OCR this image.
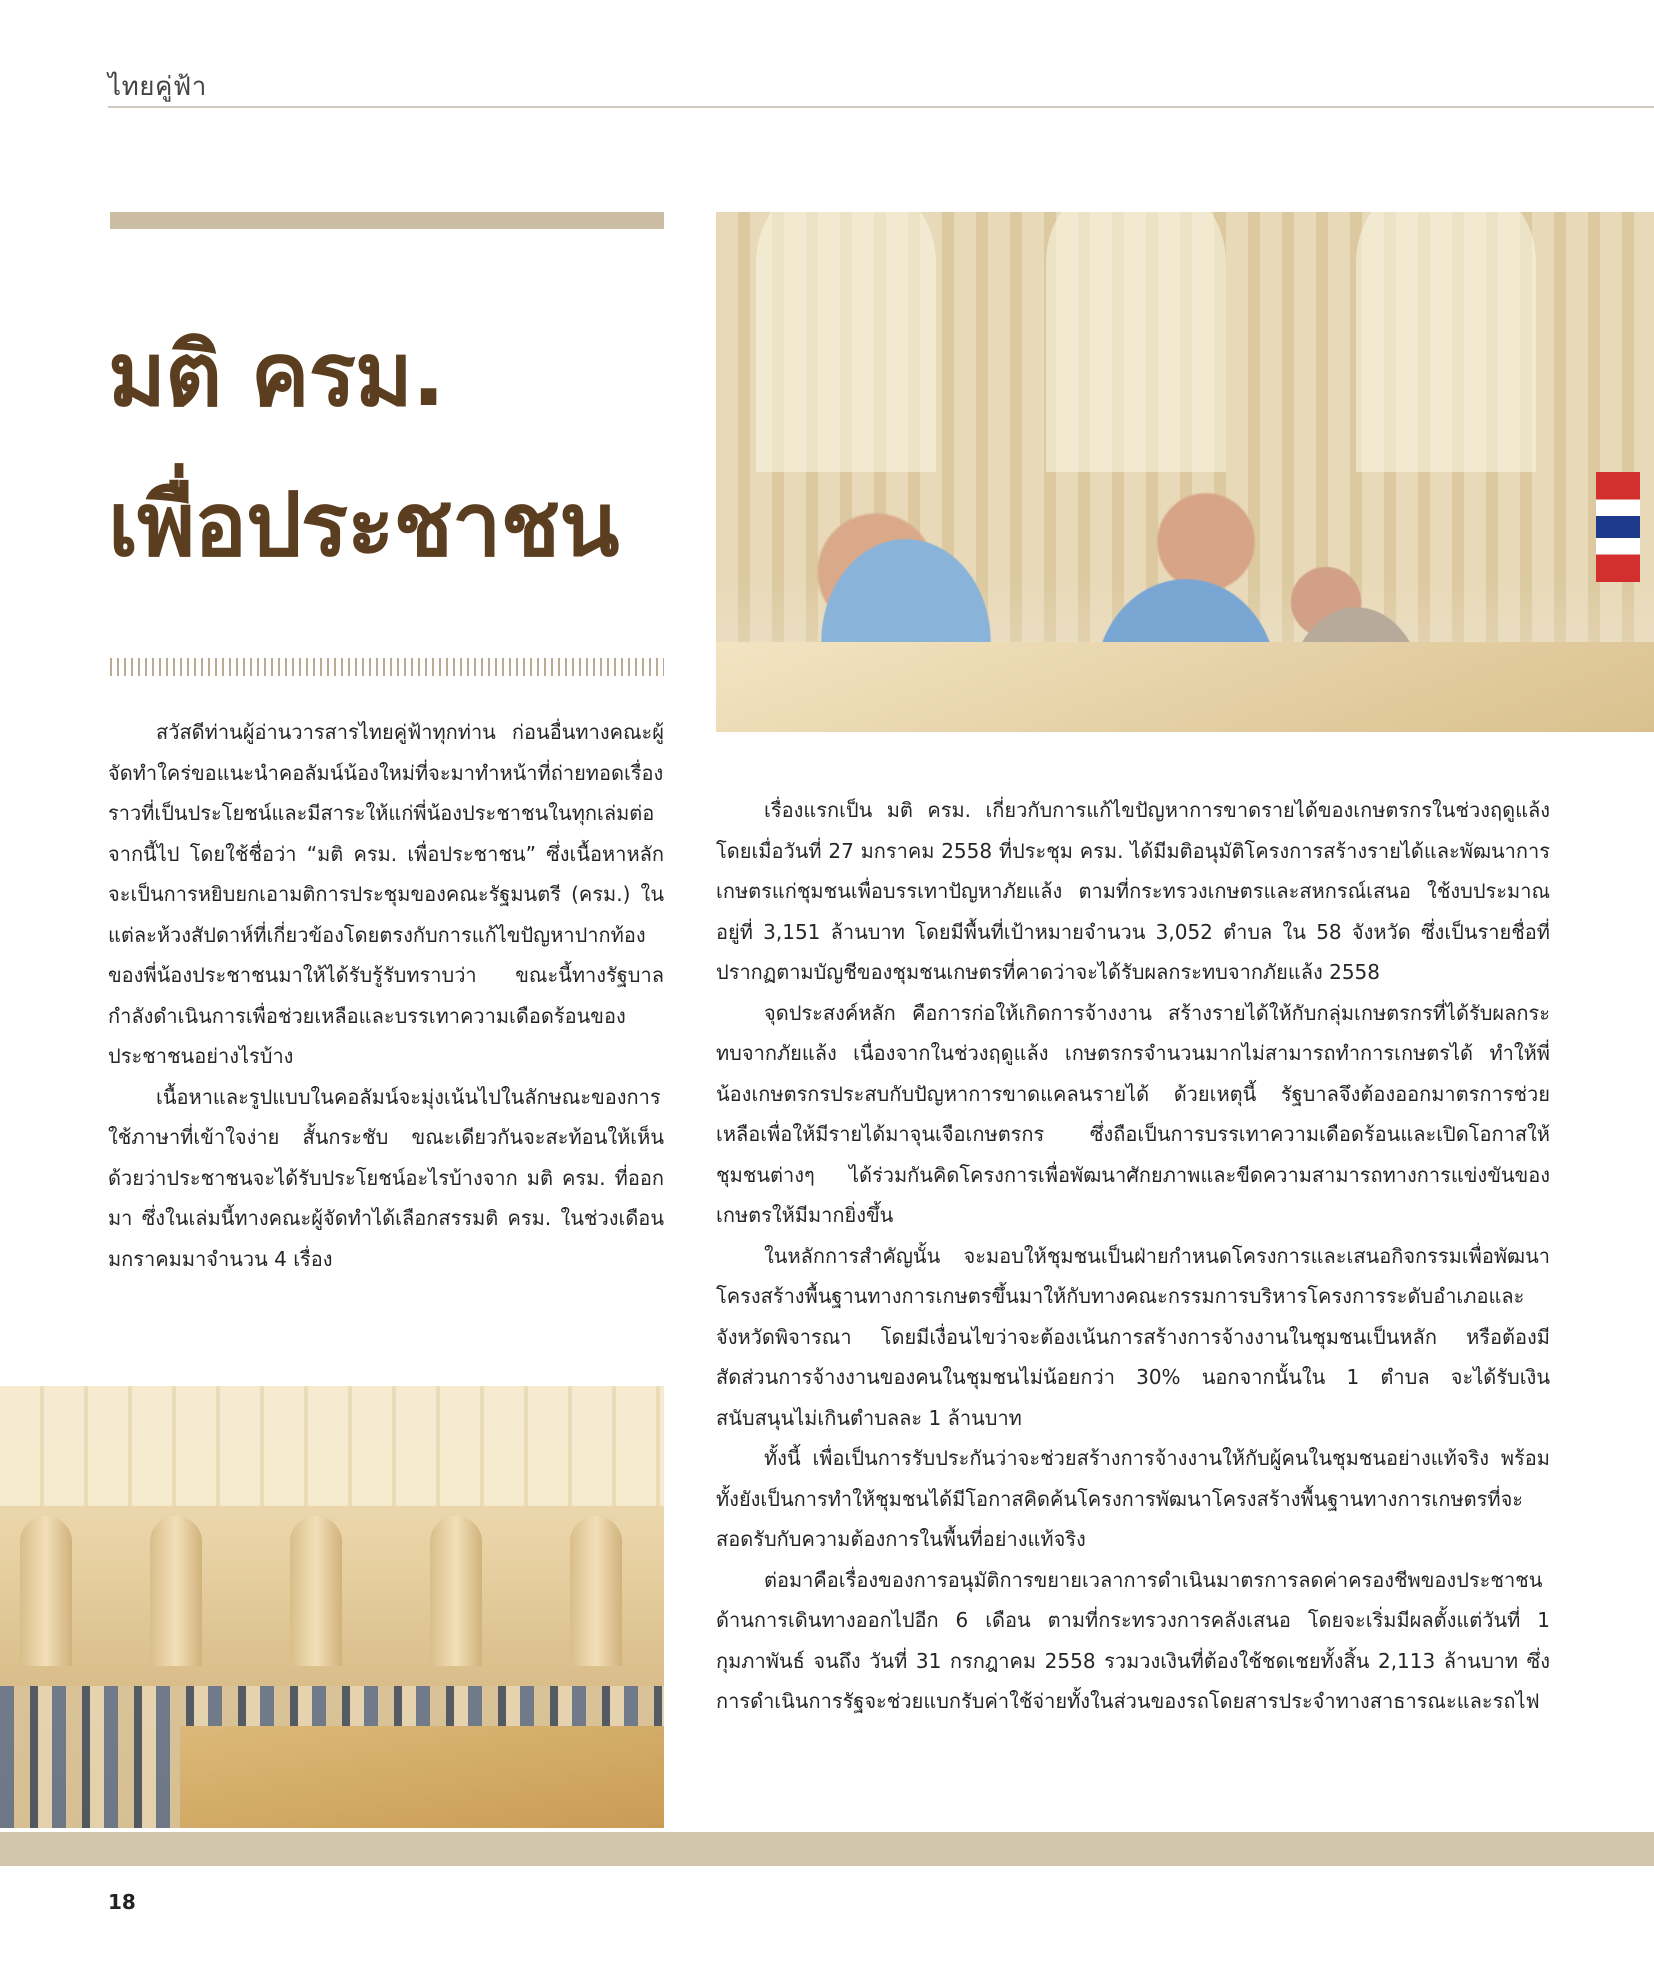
ไทยคู่ฟ้า
มติ ครม.
เพื่อประชาชน

สวัสดีท่านผู้อ่านวารสารไทยคู่ฟ้าทุกท่าน ก่อนอื่นทางคณะผู้จัดทำใคร่ขอแนะนำคอลัมน์น้องใหม่ที่จะมาทำหน้าที่ถ่ายทอดเรื่องราวที่เป็นประโยชน์และมีสาระให้แก่พี่น้องประชาชนในทุกเล่มต่อจากนี้ไป โดยใช้ชื่อว่า “มติ ครม. เพื่อประชาชน” ซึ่งเนื้อหาหลักจะเป็นการหยิบยกเอามติการประชุมของคณะรัฐมนตรี (ครม.) ในแต่ละห้วงสัปดาห์ที่เกี่ยวข้องโดยตรงกับการแก้ไขปัญหาปากท้องของพี่น้องประชาชนมาให้ได้รับรู้รับทราบว่า ขณะนี้ทางรัฐบาลกำลังดำเนินการเพื่อช่วยเหลือและบรรเทาความเดือดร้อนของประชาชนอย่างไรบ้าง

เนื้อหาและรูปแบบในคอลัมน์จะมุ่งเน้นไปในลักษณะของการใช้ภาษาที่เข้าใจง่าย สั้นกระชับ ขณะเดียวกันจะสะท้อนให้เห็นด้วยว่าประชาชนจะได้รับประโยชน์อะไรบ้างจาก มติ ครม. ที่ออกมา ซึ่งในเล่มนี้ทางคณะผู้จัดทำได้เลือกสรรมติ ครม. ในช่วงเดือนมกราคมมาจำนวน 4 เรื่อง

เรื่องแรกเป็น มติ ครม. เกี่ยวกับการแก้ไขปัญหาการขาดรายได้ของเกษตรกรในช่วงฤดูแล้ง โดยเมื่อวันที่ 27 มกราคม 2558 ที่ประชุม ครม. ได้มีมติอนุมัติโครงการสร้างรายได้และพัฒนาการเกษตรแก่ชุมชนเพื่อบรรเทาปัญหาภัยแล้ง ตามที่กระทรวงเกษตรและสหกรณ์เสนอ ใช้งบประมาณอยู่ที่ 3,151 ล้านบาท โดยมีพื้นที่เป้าหมายจำนวน 3,052 ตำบล ใน 58 จังหวัด ซึ่งเป็นรายชื่อที่ปรากฏตามบัญชีของชุมชนเกษตรที่คาดว่าจะได้รับผลกระทบจากภัยแล้ง 2558

จุดประสงค์หลัก คือการก่อให้เกิดการจ้างงาน สร้างรายได้ให้กับกลุ่มเกษตรกรที่ได้รับผลกระทบจากภัยแล้ง เนื่องจากในช่วงฤดูแล้ง เกษตรกรจำนวนมากไม่สามารถทำการเกษตรได้ ทำให้พี่น้องเกษตรกรประสบกับปัญหาการขาดแคลนรายได้ ด้วยเหตุนี้ รัฐบาลจึงต้องออกมาตรการช่วยเหลือเพื่อให้มีรายได้มาจุนเจือเกษตรกร ซึ่งถือเป็นการบรรเทาความเดือดร้อนและเปิดโอกาสให้ชุมชนต่างๆ ได้ร่วมกันคิดโครงการเพื่อพัฒนาศักยภาพและขีดความสามารถทางการแข่งขันของเกษตรให้มีมากยิ่งขึ้น

ในหลักการสำคัญนั้น จะมอบให้ชุมชนเป็นฝ่ายกำหนดโครงการและเสนอกิจกรรมเพื่อพัฒนาโครงสร้างพื้นฐานทางการเกษตรขึ้นมาให้กับทางคณะกรรมการบริหารโครงการระดับอำเภอและจังหวัดพิจารณา โดยมีเงื่อนไขว่าจะต้องเน้นการสร้างการจ้างงานในชุมชนเป็นหลัก หรือต้องมีสัดส่วนการจ้างงานของคนในชุมชนไม่น้อยกว่า 30% นอกจากนั้นใน 1 ตำบล จะได้รับเงินสนับสนุนไม่เกินตำบลละ 1 ล้านบาท

ทั้งนี้ เพื่อเป็นการรับประกันว่าจะช่วยสร้างการจ้างงานให้กับผู้คนในชุมชนอย่างแท้จริง พร้อมทั้งยังเป็นการทำให้ชุมชนได้มีโอกาสคิดค้นโครงการพัฒนาโครงสร้างพื้นฐานทางการเกษตรที่จะสอดรับกับความต้องการในพื้นที่อย่างแท้จริง

ต่อมาคือเรื่องของการอนุมัติการขยายเวลาการดำเนินมาตรการลดค่าครองชีพของประชาชนด้านการเดินทางออกไปอีก 6 เดือน ตามที่กระทรวงการคลังเสนอ โดยจะเริ่มมีผลตั้งแต่วันที่ 1 กุมภาพันธ์ จนถึง วันที่ 31 กรกฎาคม 2558 รวมวงเงินที่ต้องใช้ชดเชยทั้งสิ้น 2,113 ล้านบาท ซึ่งการดำเนินการรัฐจะช่วยแบกรับค่าใช้จ่ายทั้งในส่วนของรถโดยสารประจำทางสาธารณะและรถไฟ

18
